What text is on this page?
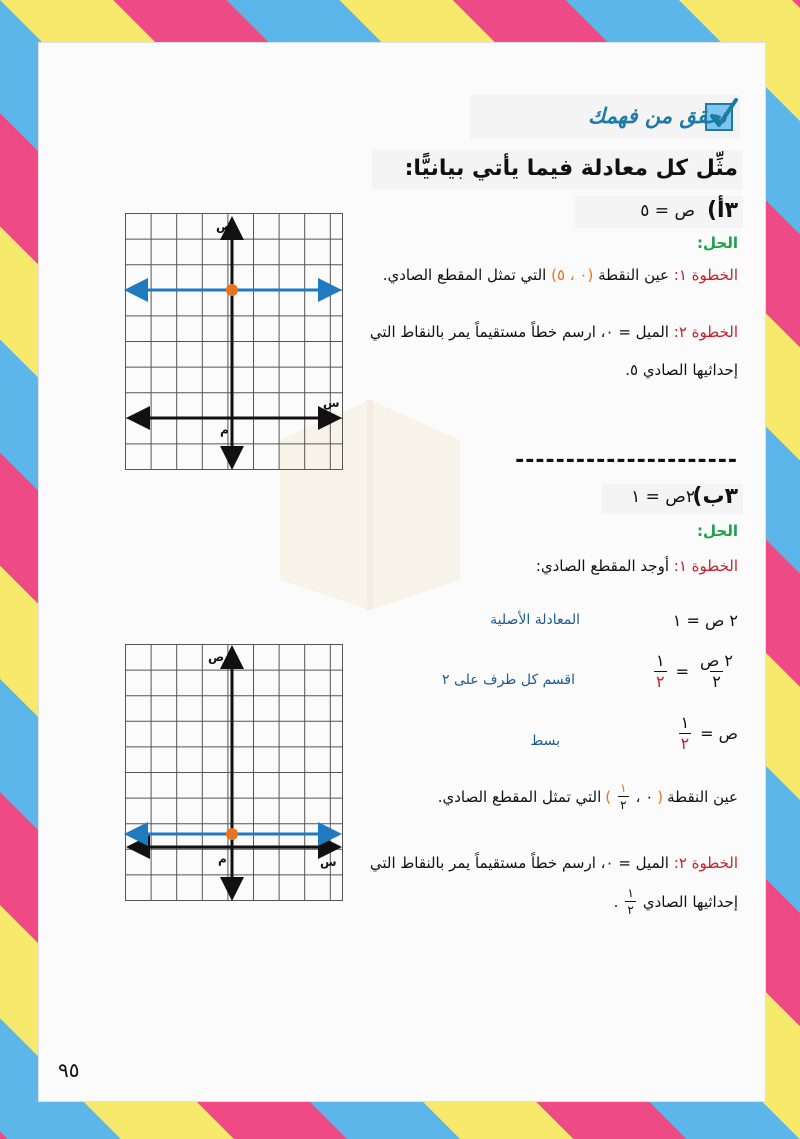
تحقق من فهمك
مثِّل كل معادلة فيما يأتي بيانيًّا:
٣أ)
ص = ٥
الحل:
الخطوة ١: عين النقطة (٠ ، ٥) التي تمثل المقطع الصادي.
الخطوة ٢: الميل = ٠، ارسم خطاً مستقيماً يمر بالنقاط التي
إحداثيها الصادي ٥.
ص
س
م
----------------------
٣ب)
٢ص = ١
الحل:
الخطوة ١: أوجد المقطع الصادي:
٢ ص = ١
المعادلة الأصلية
$\frac{\text{٢ ص}}{٢}$
=
$\frac{١}{٢}$
اقسم كل طرف على ٢
ص =
$\frac{١}{٢}$
بسط
عين النقطة
(
٠ ،
$\frac{١}{٢}$
)
التي تمثل المقطع الصادي.
الخطوة ٢: الميل = ٠، ارسم خطاً مستقيماً يمر بالنقاط التي
إحداثيها الصادي
$\frac{١}{٢}$
.
ص
س
م
٩٥
